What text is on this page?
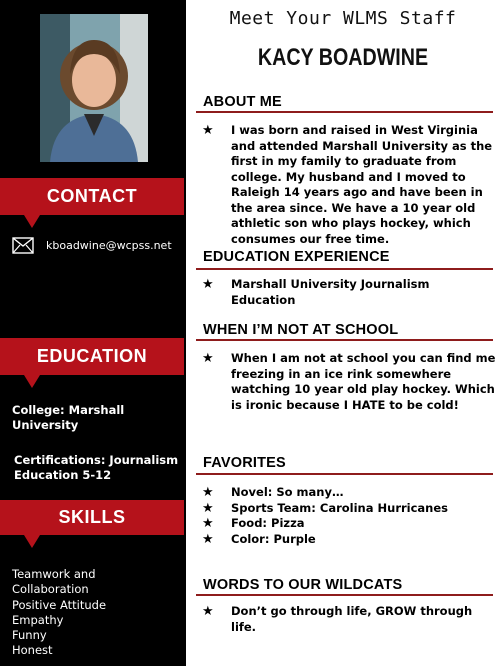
CONTACT
kboadwine@wcpss.net
EDUCATION
College: Marshall University
Certifications: Journalism Education 5-12
SKILLS
Teamwork and
Collaboration
Positive Attitude
Empathy
Funny
Honest
Meet Your WLMS Staff
KACY BOADWINE
ABOUT ME
★	I was born and raised in West Virginia and attended Marshall University as the first in my family to graduate from college. My husband and I moved to Raleigh 14 years ago and have been in the area since. We have a 10 year old athletic son who plays hockey, which consumes our free time.
EDUCATION EXPERIENCE
★	Marshall University Journalism Education
WHEN I’M NOT AT SCHOOL
★	When I am not at school you can find me freezing in an ice rink somewhere watching 10 year old play hockey. Which is ironic because I HATE to be cold!
FAVORITES
★	Novel: So many…
★	Sports Team: Carolina Hurricanes
★	Food: Pizza
★	Color: Purple
WORDS TO OUR WILDCATS
★	Don’t go through life, GROW through life.
